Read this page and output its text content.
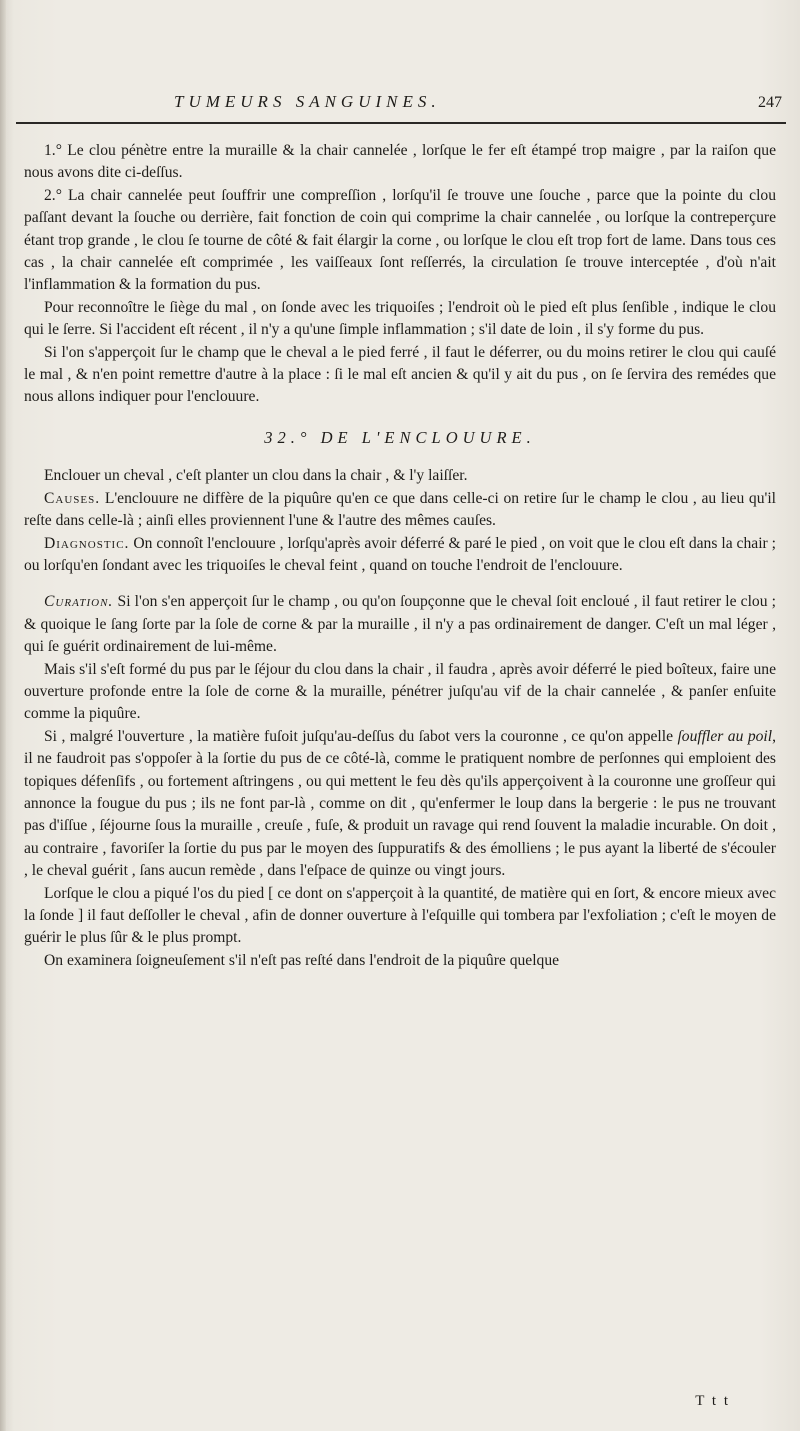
TUMEURS SANGUINES.	247

1.° Le clou pénètre entre la muraille & la chair cannelée , lorſque le fer eſt étampé trop maigre , par la raiſon que nous avons dite ci-deſſus.

2.° La chair cannelée peut ſouffrir une compreſſion , lorſqu'il ſe trouve une ſouche , parce que la pointe du clou paſſant devant la ſouche ou derrière, fait fonction de coin qui comprime la chair cannelée , ou lorſque la contreperçure étant trop grande , le clou ſe tourne de côté & fait élargir la corne , ou lorſque le clou eſt trop fort de lame. Dans tous ces cas , la chair cannelée eſt comprimée , les vaiſſeaux ſont reſſerrés, la circulation ſe trouve interceptée , d'où n'ait l'inflammation & la formation du pus.

Pour reconnoître le ſiège du mal , on ſonde avec les triquoiſes ; l'endroit où le pied eſt plus ſenſible , indique le clou qui le ſerre. Si l'accident eſt récent , il n'y a qu'une ſimple inflammation ; s'il date de loin , il s'y forme du pus.

Si l'on s'apperçoit ſur le champ que le cheval a le pied ferré , il faut le déferrer, ou du moins retirer le clou qui cauſé le mal , & n'en point remettre d'autre à la place : ſi le mal eſt ancien & qu'il y ait du pus , on ſe ſervira des remédes que nous allons indiquer pour l'enclouure.

32.° DE L'ENCLOUURE.

Enclouer un cheval , c'eſt planter un clou dans la chair , & l'y laiſſer.

Causes. L'enclouure ne diffère de la piquûre qu'en ce que dans celle-ci on retire ſur le champ le clou , au lieu qu'il reſte dans celle-là ; ainſi elles proviennent l'une & l'autre des mêmes cauſes.

Diagnostic. On connoît l'enclouure , lorſqu'après avoir déferré & paré le pied , on voit que le clou eſt dans la chair ; ou lorſqu'en ſondant avec les triquoiſes le cheval feint , quand on touche l'endroit de l'enclouure.

Curation. Si l'on s'en apperçoit ſur le champ , ou qu'on ſoupçonne que le cheval ſoit encloué , il faut retirer le clou ; & quoique le ſang ſorte par la ſole de corne & par la muraille , il n'y a pas ordinairement de danger. C'eſt un mal léger , qui ſe guérit ordinairement de lui-même.

Mais s'il s'eſt formé du pus par le ſéjour du clou dans la chair , il faudra , après avoir déferré le pied boîteux, faire une ouverture profonde entre la ſole de corne & la muraille, pénétrer juſqu'au vif de la chair cannelée , & panſer enſuite comme la piquûre.

Si , malgré l'ouverture , la matière fuſoit juſqu'au-deſſus du ſabot vers la couronne , ce qu'on appelle ſouffler au poil, il ne faudroit pas s'oppoſer à la ſortie du pus de ce côté-là, comme le pratiquent nombre de perſonnes qui emploient des topiques défenſifs , ou fortement aſtringens , ou qui mettent le feu dès qu'ils apperçoivent à la couronne une groſſeur qui annonce la fougue du pus ; ils ne font par-là , comme on dit , qu'enfermer le loup dans la bergerie : le pus ne trouvant pas d'iſſue , ſéjourne ſous la muraille , creuſe , fuſe, & produit un ravage qui rend ſouvent la maladie incurable. On doit , au contraire , favoriſer la ſortie du pus par le moyen des ſuppuratifs & des émolliens ; le pus ayant la liberté de s'écouler , le cheval guérit , ſans aucun remède , dans l'eſpace de quinze ou vingt jours.

Lorſque le clou a piqué l'os du pied [ ce dont on s'apperçoit à la quantité, de matière qui en ſort, & encore mieux avec la ſonde ] il faut deſſoller le cheval , afin de donner ouverture à l'eſquille qui tombera par l'exfoliation ; c'eſt le moyen de guérir le plus ſûr & le plus prompt.

On examinera ſoigneuſement s'il n'eſt pas reſté dans l'endroit de la piquûre quelque

T t t
